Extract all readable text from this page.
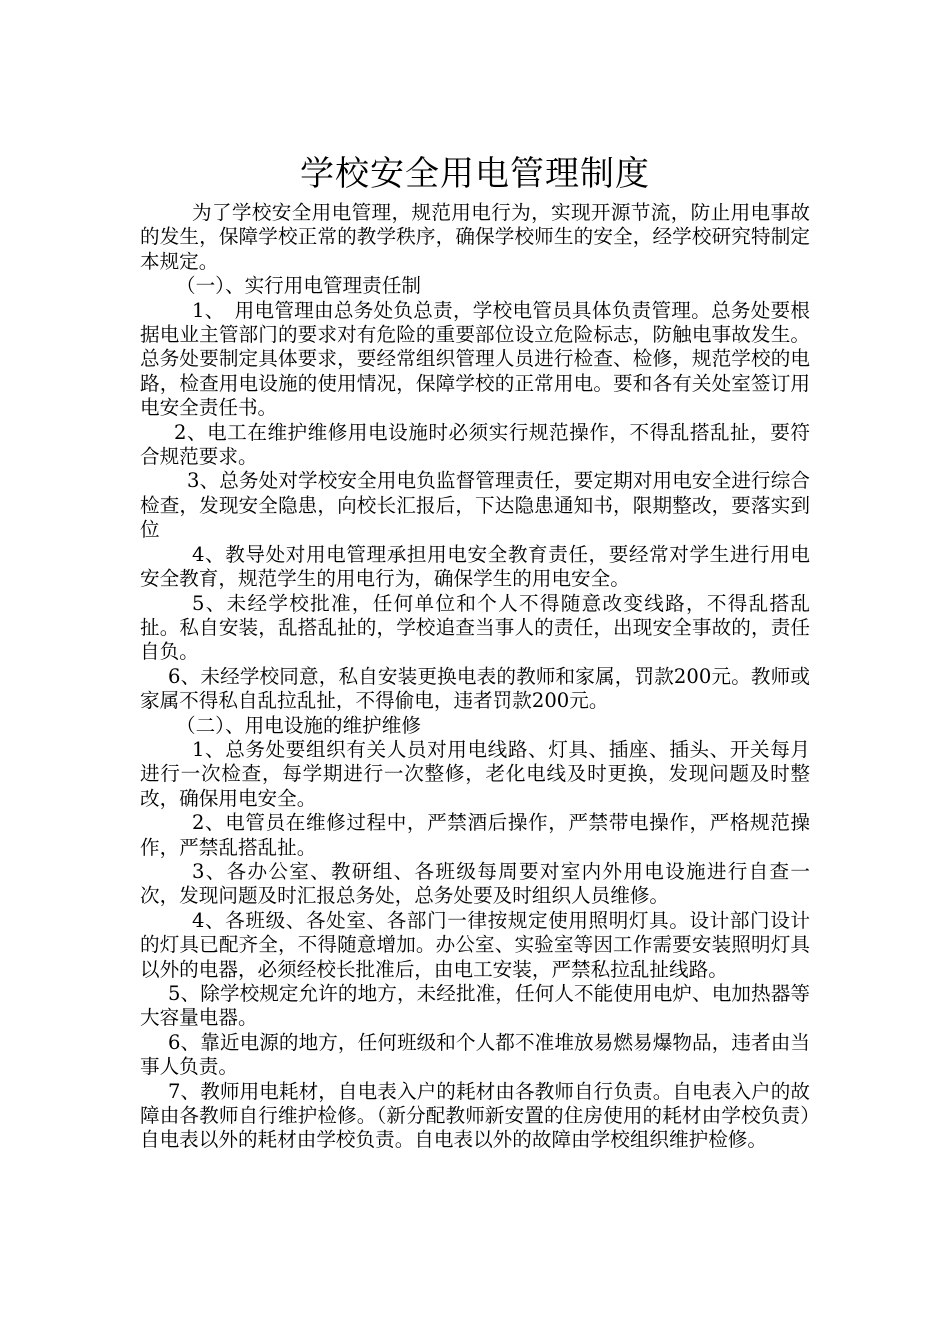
学校安全用电管理制度

为了学校安全用电管理，规范用电行为，实现开源节流，防止用电事故的发生，保障学校正常的教学秩序，确保学校师生的安全，经学校研究特制定本规定。

（一）、实行用电管理责任制

1、　用电管理由总务处负总责，学校电管员具体负责管理。总务处要根据电业主管部门的要求对有危险的重要部位设立危险标志，防触电事故发生。总务处要制定具体要求，要经常组织管理人员进行检查、检修，规范学校的电路，检查用电设施的使用情况，保障学校的正常用电。要和各有关处室签订用电安全责任书。

2、电工在维护维修用电设施时必须实行规范操作，不得乱搭乱扯，要符合规范要求。

3、总务处对学校安全用电负监督管理责任，要定期对用电安全进行综合检查，发现安全隐患，向校长汇报后，下达隐患通知书，限期整改，要落实到位

4、教导处对用电管理承担用电安全教育责任，要经常对学生进行用电安全教育，规范学生的用电行为，确保学生的用电安全。

5、未经学校批准，任何单位和个人不得随意改变线路，不得乱搭乱扯。私自安装，乱搭乱扯的，学校追查当事人的责任，出现安全事故的，责任自负。

6、未经学校同意，私自安装更换电表的教师和家属，罚款200元。教师或家属不得私自乱拉乱扯，不得偷电，违者罚款200元。

（二）、用电设施的维护维修

1、总务处要组织有关人员对用电线路、灯具、插座、插头、开关每月进行一次检查，每学期进行一次整修，老化电线及时更换，发现问题及时整改，确保用电安全。

2、电管员在维修过程中，严禁酒后操作，严禁带电操作，严格规范操作，严禁乱搭乱扯。

3、各办公室、教研组、各班级每周要对室内外用电设施进行自查一次，发现问题及时汇报总务处，总务处要及时组织人员维修。

4、各班级、各处室、各部门一律按规定使用照明灯具。设计部门设计的灯具已配齐全，不得随意增加。办公室、实验室等因工作需要安装照明灯具以外的电器，必须经校长批准后，由电工安装，严禁私拉乱扯线路。

5、除学校规定允许的地方，未经批准，任何人不能使用电炉、电加热器等大容量电器。

6、靠近电源的地方，任何班级和个人都不准堆放易燃易爆物品，违者由当事人负责。

7、教师用电耗材，自电表入户的耗材由各教师自行负责。自电表入户的故障由各教师自行维护检修。（新分配教师新安置的住房使用的耗材由学校负责）自电表以外的耗材由学校负责。自电表以外的故障由学校组织维护检修。
